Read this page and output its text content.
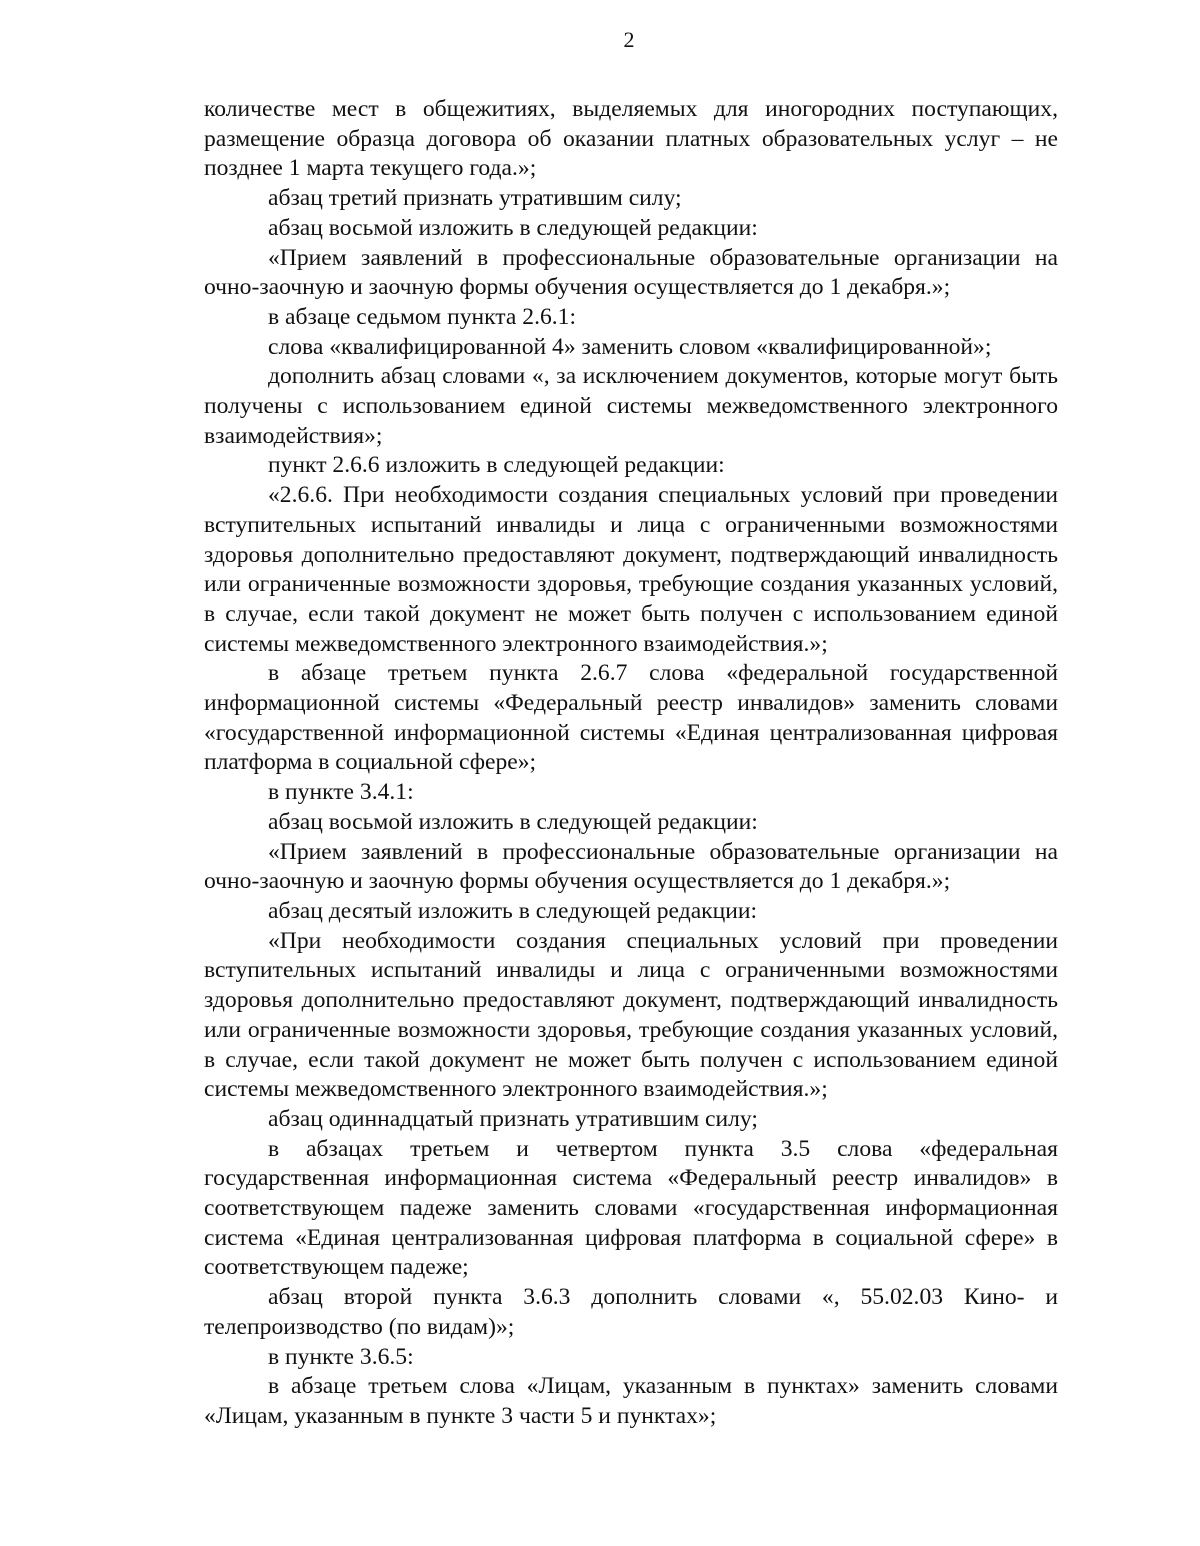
2

количестве мест в общежитиях, выделяемых для иногородних поступающих, размещение образца договора об оказании платных образовательных услуг – не позднее 1 марта текущего года.»;

абзац третий признать утратившим силу;

абзац восьмой изложить в следующей редакции:

«Прием заявлений в профессиональные образовательные организации на очно-заочную и заочную формы обучения осуществляется до 1 декабря.»;

в абзаце седьмом пункта 2.6.1:

слова «квалифицированной 4» заменить словом «квалифицированной»;

дополнить абзац словами «, за исключением документов, которые могут быть получены с использованием единой системы межведомственного электронного взаимодействия»;

пункт 2.6.6 изложить в следующей редакции:

«2.6.6. При необходимости создания специальных условий при проведении вступительных испытаний инвалиды и лица с ограниченными возможностями здоровья дополнительно предоставляют документ, подтверждающий инвалидность или ограниченные возможности здоровья, требующие создания указанных условий, в случае, если такой документ не может быть получен с использованием единой системы межведомственного электронного взаимодействия.»;

в абзаце третьем пункта 2.6.7 слова «федеральной государственной информационной системы «Федеральный реестр инвалидов» заменить словами «государственной информационной системы «Единая централизованная цифровая платформа в социальной сфере»;

в пункте 3.4.1:

абзац восьмой изложить в следующей редакции:

«Прием заявлений в профессиональные образовательные организации на очно-заочную и заочную формы обучения осуществляется до 1 декабря.»;

абзац десятый изложить в следующей редакции:

«При необходимости создания специальных условий при проведении вступительных испытаний инвалиды и лица с ограниченными возможностями здоровья дополнительно предоставляют документ, подтверждающий инвалидность или ограниченные возможности здоровья, требующие создания указанных условий, в случае, если такой документ не может быть получен с использованием единой системы межведомственного электронного взаимодействия.»;

абзац одиннадцатый признать утратившим силу;

в абзацах третьем и четвертом пункта 3.5 слова «федеральная государственная информационная система «Федеральный реестр инвалидов» в соответствующем падеже заменить словами «государственная информационная система «Единая централизованная цифровая платформа в социальной сфере» в соответствующем падеже;

абзац второй пункта 3.6.3 дополнить словами «, 55.02.03 Кино- и телепроизводство (по видам)»;

в пункте 3.6.5:

в абзаце третьем слова «Лицам, указанным в пунктах» заменить словами «Лицам, указанным в пункте 3 части 5 и пунктах»;
